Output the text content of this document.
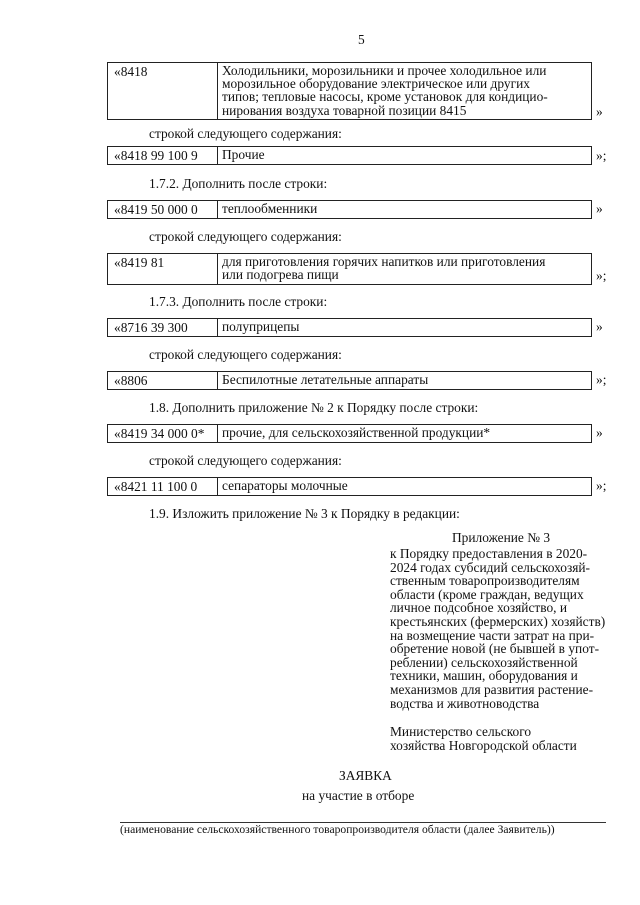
5
«8418	Холодильники, морозильники и прочее холодильное или
морозильное оборудование электрическое или других
типов; тепловые насосы, кроме установок для кондицио-
нирования воздуха товарной позиции 8415	»
строкой следующего содержания:
«8418 99 100 9	Прочие	»;
1.7.2. Дополнить после строки:
«8419 50 000 0	теплообменники	»
строкой следующего содержания:
«8419 81	для приготовления горячих напитков или приготовления
или подогрева пищи	»;
1.7.3. Дополнить после строки:
«8716 39 300	полуприцепы	»
строкой следующего содержания:
«8806	Беспилотные летательные аппараты	»;
1.8. Дополнить приложение № 2 к Порядку после строки:
«8419 34 000 0*	прочие, для сельскохозяйственной продукции*	»
строкой следующего содержания:
«8421 11 100 0	сепараторы молочные	»;
1.9. Изложить приложение № 3 к Порядку в редакции:
Приложение № 3
к Порядку предоставления в 2020-
2024 годах субсидий сельскохозяй-
ственным товаропроизводителям
области (кроме граждан, ведущих
личное подсобное хозяйство, и
крестьянских (фермерских) хозяйств)
на возмещение части затрат на при-
обретение новой (не бывшей в упот-
реблении) сельскохозяйственной
техники, машин, оборудования и
механизмов для развития растение-
водства и животноводства
Министерство сельского
хозяйства Новгородской области
ЗАЯВКА
на участие в отборе
(наименование сельскохозяйственного товаропроизводителя области (далее Заявитель))
